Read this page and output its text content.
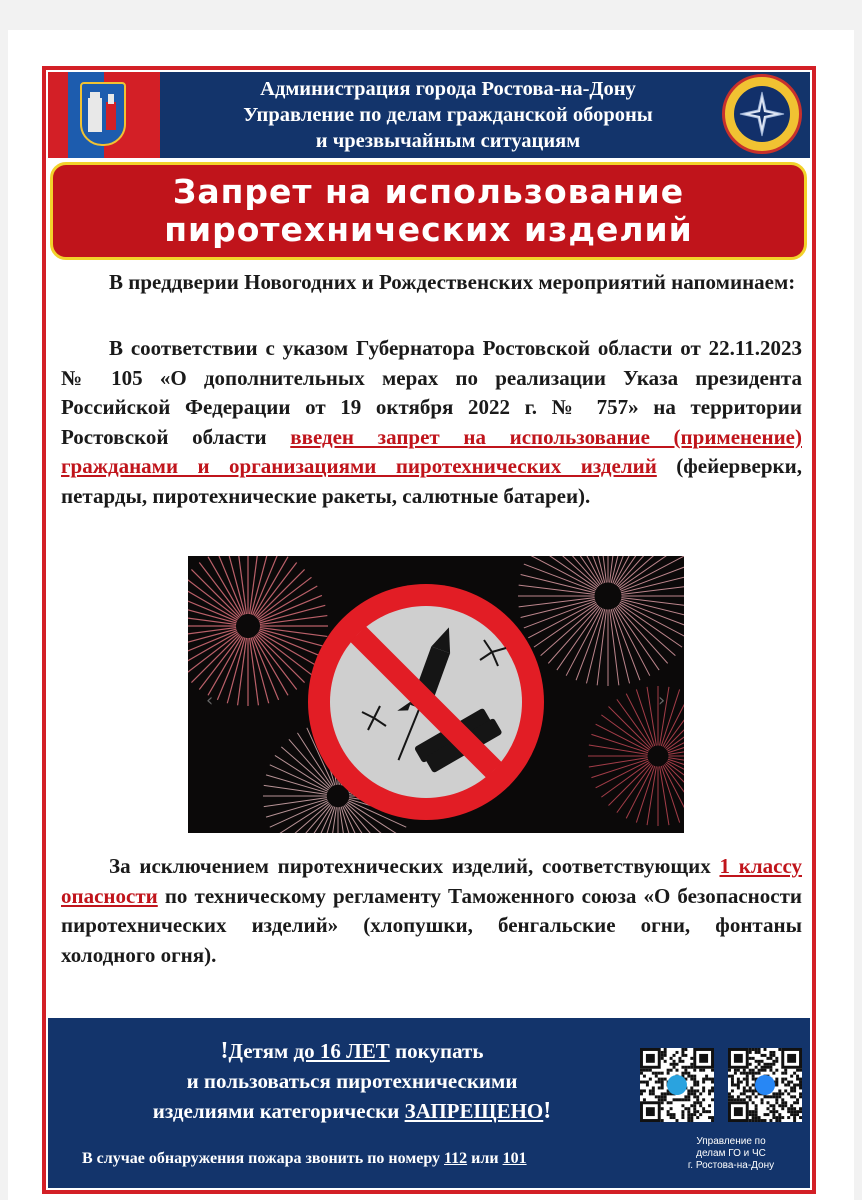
Администрация города Ростова-на-Дону
Управление по делам гражданской обороны
и чрезвычайным ситуациям
Запрет на использование
пиротехнических изделий
В преддверии Новогодних и Рождественских мероприятий напоминаем:
В соответствии с указом Губернатора Ростовской области от 22.11.2023 № 105 «О дополнительных мерах по реализации Указа президента Российской Федерации от 19 октября 2022 г. № 757» на территории Ростовской области введен запрет на использование (применение) гражданами и организациями пиротехнических изделий (фейерверки, петарды, пиротехнические ракеты, салютные батареи).
‹	›
За исключением пиротехнических изделий, соответствующих 1 классу опасности по техническому регламенту Таможенного союза «О безопасности пиротехнических изделий» (хлопушки, бенгальские огни, фонтаны холодного огня).
!Детям до 16 ЛЕТ покупать
и пользоваться пиротехническими
изделиями категорически ЗАПРЕЩЕНО!
В случае обнаружения пожара звонить по номеру 112 или 101
Управление по
делам ГО и ЧС
г. Ростова-на-Дону
